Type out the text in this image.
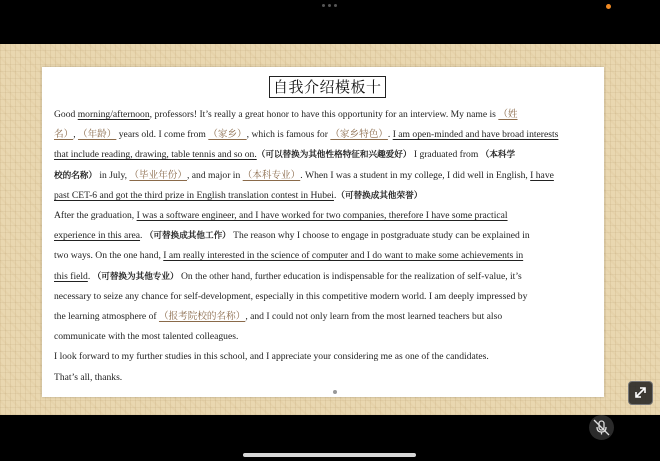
自我介绍模板十
Good morning/afternoon, professors! It’s really a great honor to have this opportunity for an interview. My name is （姓
名）, （年龄） years old. I come from （家乡）, which is famous for （家乡特色）. I am open-minded and have broad interests
that include reading, drawing, table tennis and so on.（可以替换为其他性格特征和兴趣爱好） I graduated from （本科学
校的名称） in July, （毕业年份）, and major in （本科专业）. When I was a student in my college, I did well in English, I have
past CET-6 and got the third prize in English translation contest in Hubei.（可替换成其他荣誉）
After the graduation, I was a software engineer, and I have worked for two companies, therefore I have some practical
experience in this area. （可替换成其他工作） The reason why I choose to engage in postgraduate study can be explained in
two ways. On the one hand, I am really interested in the science of computer and I do want to make some achievements in
this field. （可替换为其他专业） On the other hand, further education is indispensable for the realization of self-value, it’s
necessary to seize any chance for self-development, especially in this competitive modern world. I am deeply impressed by
the learning atmosphere of （报考院校的名称）, and I could not only learn from the most learned teachers but also
communicate with the most talented colleagues.
I look forward to my further studies in this school, and I appreciate your considering me as one of the candidates.
That’s all, thanks.
